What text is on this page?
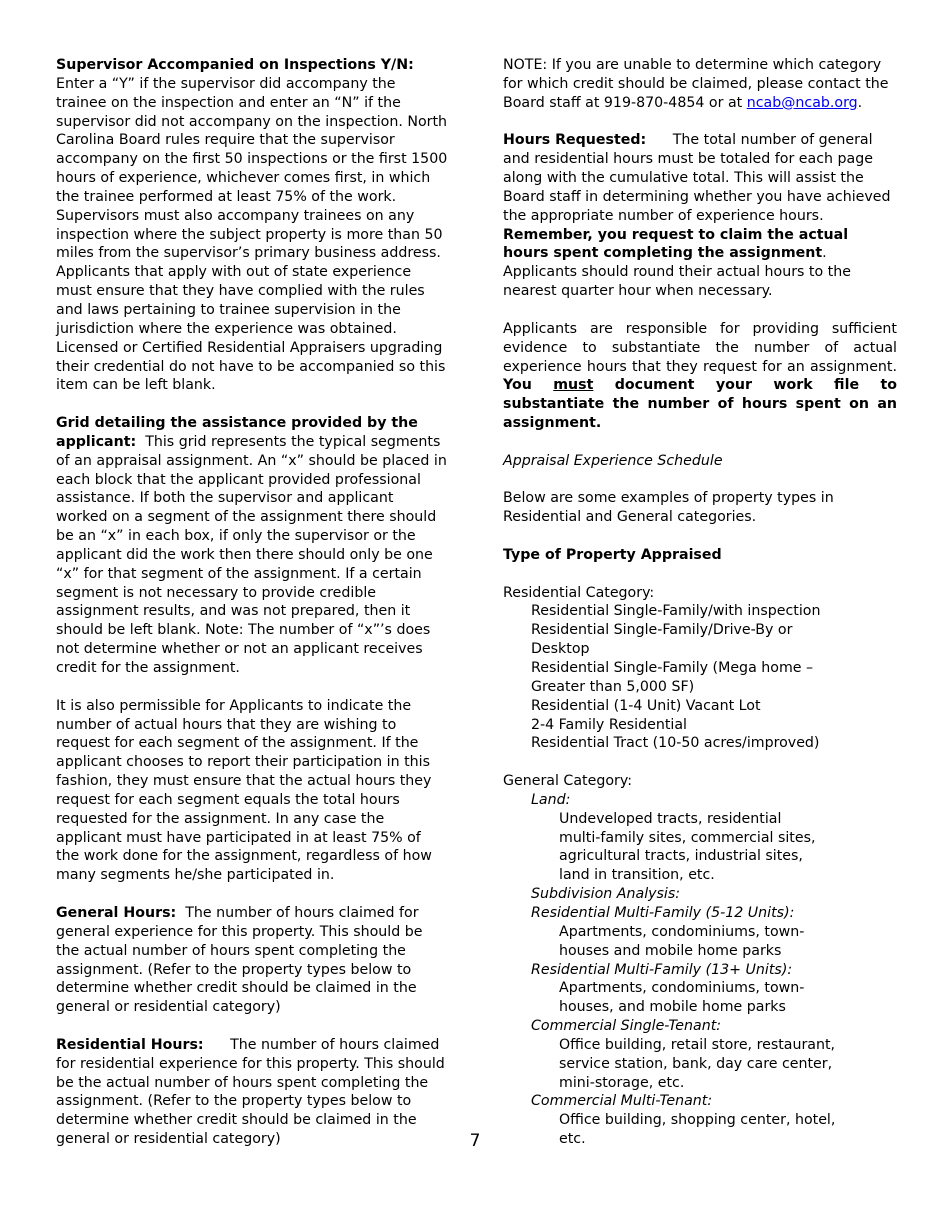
Supervisor Accompanied on Inspections Y/N:
Enter a “Y” if the supervisor did accompany the trainee on the inspection and enter an “N” if the supervisor did not accompany on the inspection. North Carolina Board rules require that the supervisor accompany on the first 50 inspections or the first 1500 hours of experience, whichever comes first, in which the trainee performed at least 75% of the work. Supervisors must also accompany trainees on any inspection where the subject property is more than 50 miles from the supervisor’s primary business address. Applicants that apply with out of state experience must ensure that they have complied with the rules and laws pertaining to trainee supervision in the jurisdiction where the experience was obtained. Licensed or Certified Residential Appraisers upgrading their credential do not have to be accompanied so this item can be left blank.

Grid detailing the assistance provided by the applicant: This grid represents the typical segments of an appraisal assignment. An “x” should be placed in each block that the applicant provided professional assistance. If both the supervisor and applicant worked on a segment of the assignment there should be an “x” in each box, if only the supervisor or the applicant did the work then there should only be one “x” for that segment of the assignment. If a certain segment is not necessary to provide credible assignment results, and was not prepared, then it should be left blank. Note: The number of “x”’s does not determine whether or not an applicant receives credit for the assignment.

It is also permissible for Applicants to indicate the number of actual hours that they are wishing to request for each segment of the assignment. If the applicant chooses to report their participation in this fashion, they must ensure that the actual hours they request for each segment equals the total hours requested for the assignment. In any case the applicant must have participated in at least 75% of the work done for the assignment, regardless of how many segments he/she participated in.

General Hours: The number of hours claimed for general experience for this property. This should be the actual number of hours spent completing the assignment. (Refer to the property types below to determine whether credit should be claimed in the general or residential category)

Residential Hours: The number of hours claimed for residential experience for this property. This should be the actual number of hours spent completing the assignment. (Refer to the property types below to determine whether credit should be claimed in the general or residential category)

NOTE: If you are unable to determine which category for which credit should be claimed, please contact the Board staff at 919-870-4854 or at ncab@ncab.org.

Hours Requested: The total number of general and residential hours must be totaled for each page along with the cumulative total. This will assist the Board staff in determining whether you have achieved the appropriate number of experience hours. Remember, you request to claim the actual hours spent completing the assignment. Applicants should round their actual hours to the nearest quarter hour when necessary.

Applicants are responsible for providing sufficient evidence to substantiate the number of actual experience hours that they request for an assignment. You must document your work file to substantiate the number of hours spent on an assignment.

Appraisal Experience Schedule

Below are some examples of property types in Residential and General categories.

Type of Property Appraised

Residential Category:
Residential Single-Family/with inspection
Residential Single-Family/Drive-By or Desktop
Residential Single-Family (Mega home – Greater than 5,000 SF)
Residential (1-4 Unit) Vacant Lot
2-4 Family Residential
Residential Tract (10-50 acres/improved)
General Category:
Land:
Undeveloped tracts, residential multi-family sites, commercial sites, agricultural tracts, industrial sites, land in transition, etc.
Subdivision Analysis:
Residential Multi-Family (5-12 Units):
Apartments, condominiums, town-houses and mobile home parks
Residential Multi-Family (13+ Units):
Apartments, condominiums, town-houses, and mobile home parks
Commercial Single-Tenant:
Office building, retail store, restaurant, service station, bank, day care center, mini-storage, etc.
Commercial Multi-Tenant:
Office building, shopping center, hotel, etc.
7
